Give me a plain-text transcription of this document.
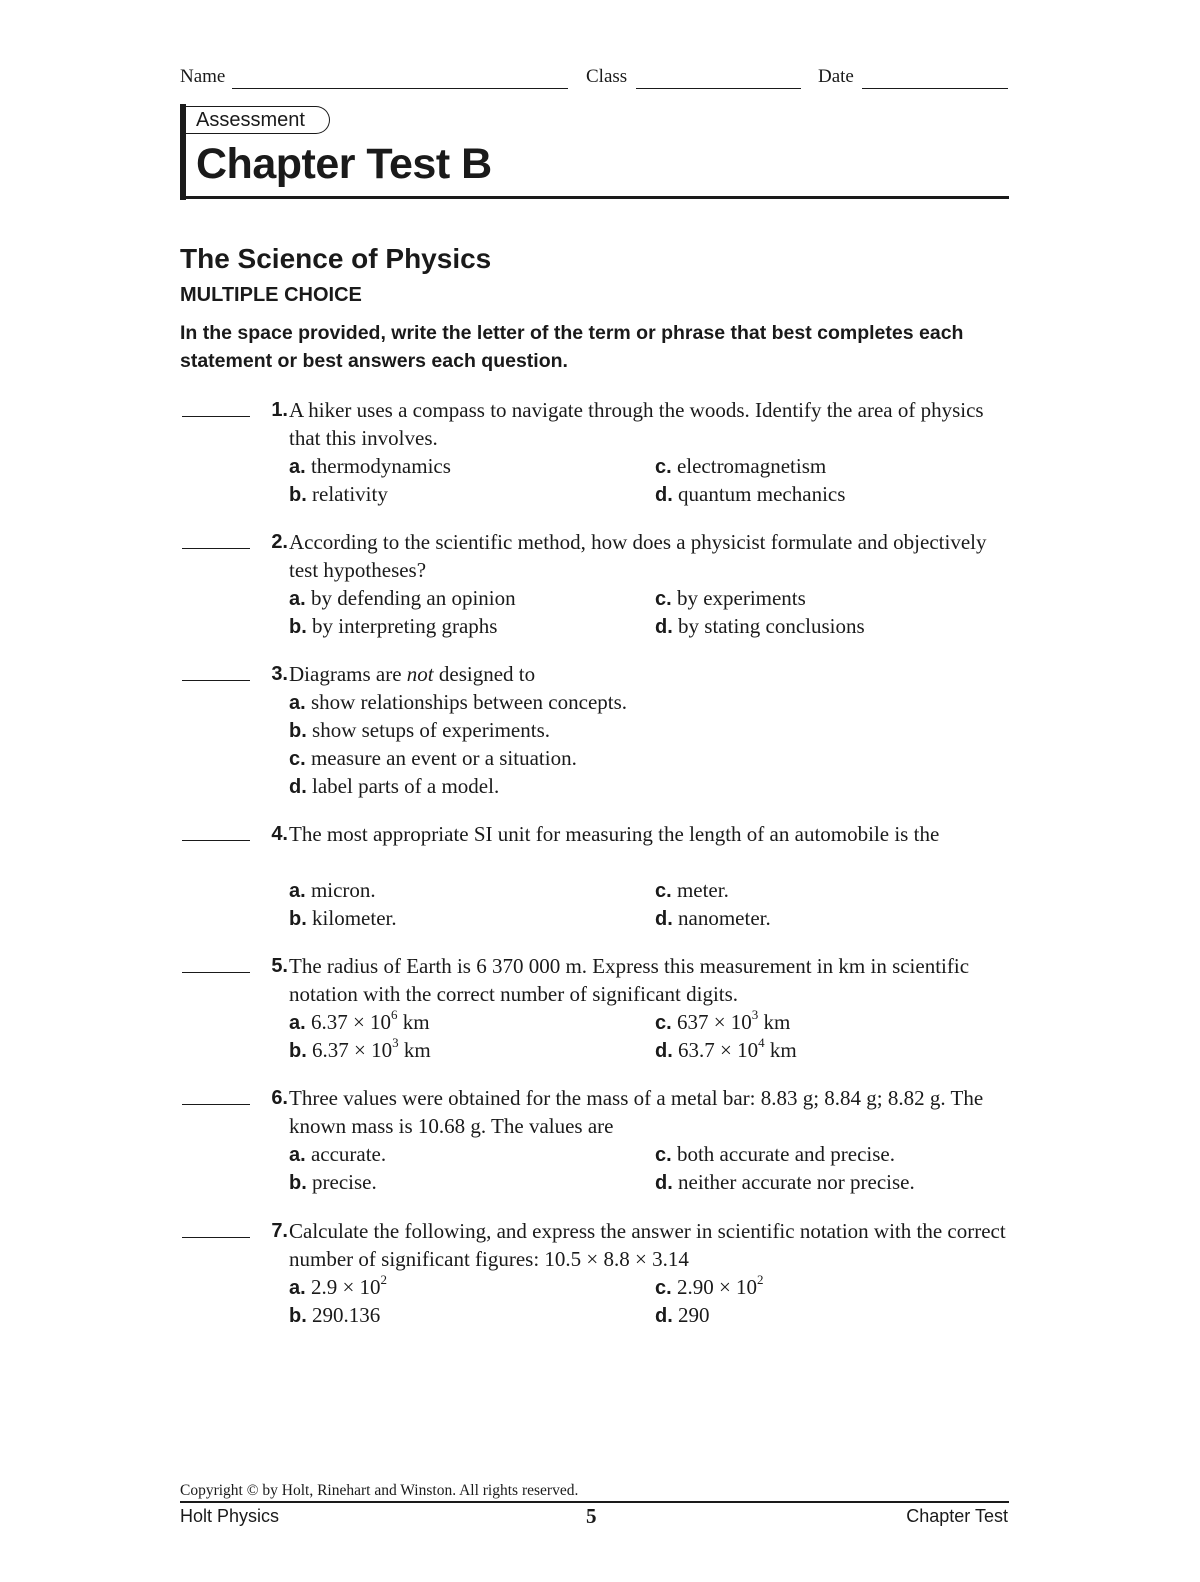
Name	Class	Date
Assessment
Chapter Test B
The Science of Physics
MULTIPLE CHOICE
In the space provided, write the letter of the term or phrase that best completes each statement or best answers each question.
1. A hiker uses a compass to navigate through the woods. Identify the area of physics that this involves.
a. thermodynamics
b. relativity
c. electromagnetism
d. quantum mechanics
2. According to the scientific method, how does a physicist formulate and objectively test hypotheses?
a. by defending an opinion
b. by interpreting graphs
c. by experiments
d. by stating conclusions
3. Diagrams are not designed to
a. show relationships between concepts.
b. show setups of experiments.
c. measure an event or a situation.
d. label parts of a model.
4. The most appropriate SI unit for measuring the length of an automobile is the
a. micron.
b. kilometer.
c. meter.
d. nanometer.
5. The radius of Earth is 6 370 000 m. Express this measurement in km in scientific notation with the correct number of significant digits.
a. $6.37 \times 10^6$ km
b. $6.37 \times 10^3$ km
c. $637 \times 10^3$ km
d. $63.7 \times 10^4$ km
6. Three values were obtained for the mass of a metal bar: 8.83 g; 8.84 g; 8.82 g. The known mass is 10.68 g. The values are
a. accurate.
b. precise.
c. both accurate and precise.
d. neither accurate nor precise.
7. Calculate the following, and express the answer in scientific notation with the correct number of significant figures: 10.5 × 8.8 × 3.14
a. $2.9 \times 10^2$
b. 290.136
c. $2.90 \times 10^2$
d. 290
Copyright © by Holt, Rinehart and Winston. All rights reserved.
Holt Physics	5	Chapter Test
